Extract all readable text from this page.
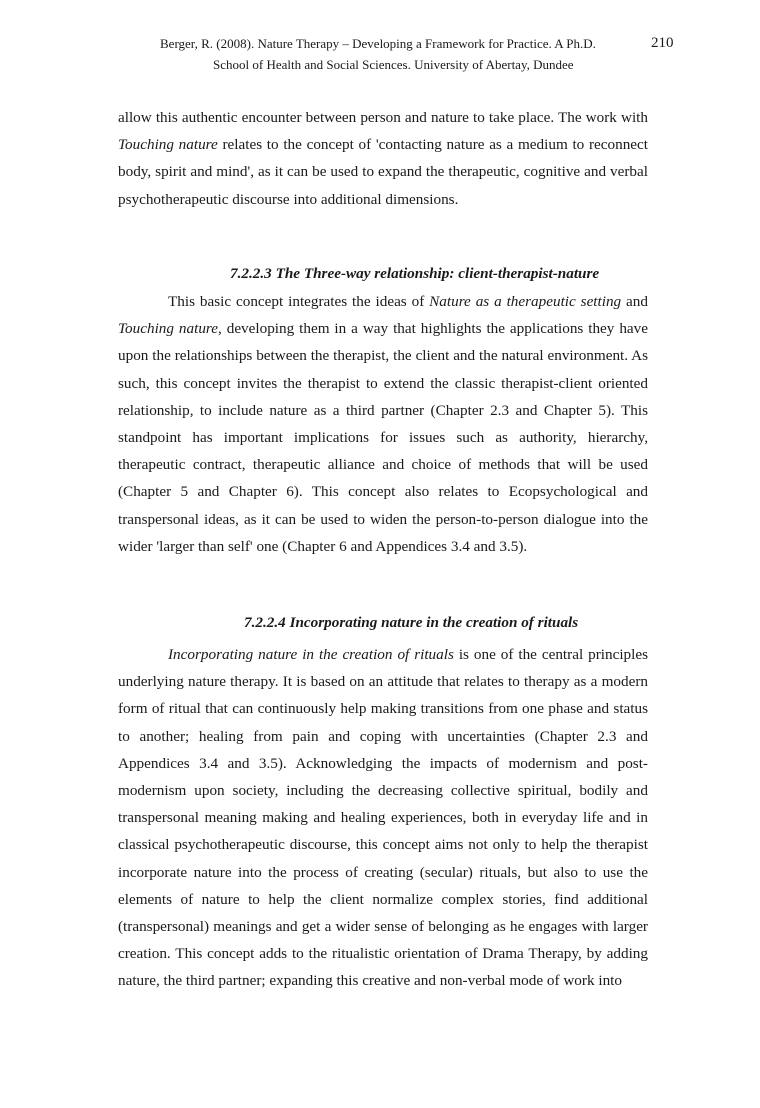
Berger, R. (2008). Nature Therapy – Developing a Framework for Practice. A Ph.D.	210
School of Health and Social Sciences. University of Abertay, Dundee

allow this authentic encounter between person and nature to take place. The work with Touching nature relates to the concept of 'contacting nature as a medium to reconnect body, spirit and mind', as it can be used to expand the therapeutic, cognitive and verbal psychotherapeutic discourse into additional dimensions.

7.2.2.3 The Three-way relationship: client-therapist-nature

This basic concept integrates the ideas of Nature as a therapeutic setting and Touching nature, developing them in a way that highlights the applications they have upon the relationships between the therapist, the client and the natural environment. As such, this concept invites the therapist to extend the classic therapist-client oriented relationship, to include nature as a third partner (Chapter 2.3 and Chapter 5). This standpoint has important implications for issues such as authority, hierarchy, therapeutic contract, therapeutic alliance and choice of methods that will be used (Chapter 5 and Chapter 6). This concept also relates to Ecopsychological and transpersonal ideas, as it can be used to widen the person-to-person dialogue into the wider 'larger than self' one (Chapter 6 and Appendices 3.4 and 3.5).

7.2.2.4 Incorporating nature in the creation of rituals

Incorporating nature in the creation of rituals is one of the central principles underlying nature therapy. It is based on an attitude that relates to therapy as a modern form of ritual that can continuously help making transitions from one phase and status to another; healing from pain and coping with uncertainties (Chapter 2.3 and Appendices 3.4 and 3.5). Acknowledging the impacts of modernism and post-modernism upon society, including the decreasing collective spiritual, bodily and transpersonal meaning making and healing experiences, both in everyday life and in classical psychotherapeutic discourse, this concept aims not only to help the therapist incorporate nature into the process of creating (secular) rituals, but also to use the elements of nature to help the client normalize complex stories, find additional (transpersonal) meanings and get a wider sense of belonging as he engages with larger creation. This concept adds to the ritualistic orientation of Drama Therapy, by adding nature, the third partner; expanding this creative and non-verbal mode of work into
